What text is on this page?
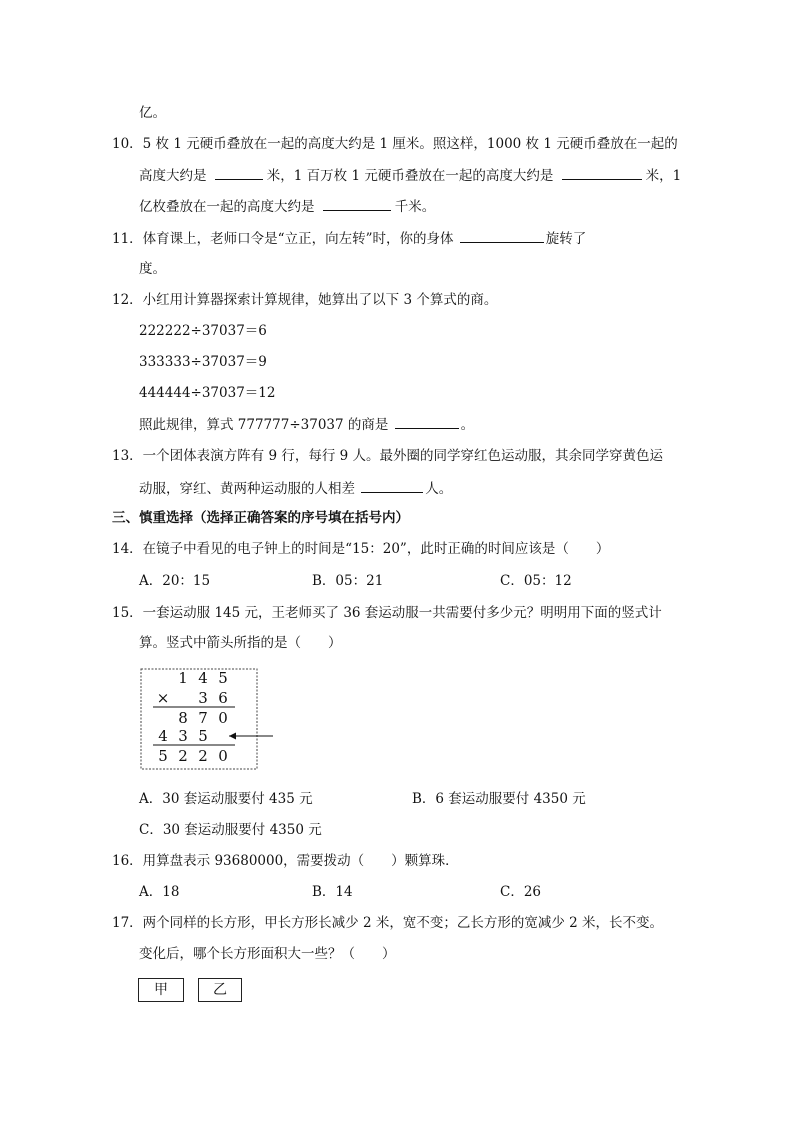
亿。
10．5 枚 1 元硬币叠放在一起的高度大约是 1 厘米。照这样，1000 枚 1 元硬币叠放在一起的
高度大约是	米，1 百万枚 1 元硬币叠放在一起的高度大约是	米，1
亿枚叠放在一起的高度大约是	千米。
11．体育课上，老师口令是“立正，向左转”时，你的身体	旋转了
度。
12．小红用计算器探索计算规律，她算出了以下 3 个算式的商。
222222÷37037＝6
333333÷37037＝9
444444÷37037＝12
照此规律，算式 777777÷37037 的商是	。
13．一个团体表演方阵有 9 行，每行 9 人。最外圈的同学穿红色运动服，其余同学穿黄色运
动服，穿红、黄两种运动服的人相差	人。
三、慎重选择（选择正确答案的序号填在括号内）
14．在镜子中看见的电子钟上的时间是“15：20”，此时正确的时间应该是（　　）
A．20：15	B．05：21	C．05：12
15．一套运动服 145 元，王老师买了 36 套运动服一共需要付多少元？明明用下面的竖式计
算。竖式中箭头所指的是（　　）
1 4 5
× 3 6
8 7 0
4 3 5
5 2 2 0
A．30 套运动服要付 435 元	B．6 套运动服要付 4350 元
C．30 套运动服要付 4350 元
16．用算盘表示 93680000，需要拨动（　　）颗算珠．
A．18	B．14	C．26
17．两个同样的长方形，甲长方形长减少 2 米，宽不变；乙长方形的宽减少 2 米，长不变。
变化后，哪个长方形面积大一些？（　　）
甲	乙
